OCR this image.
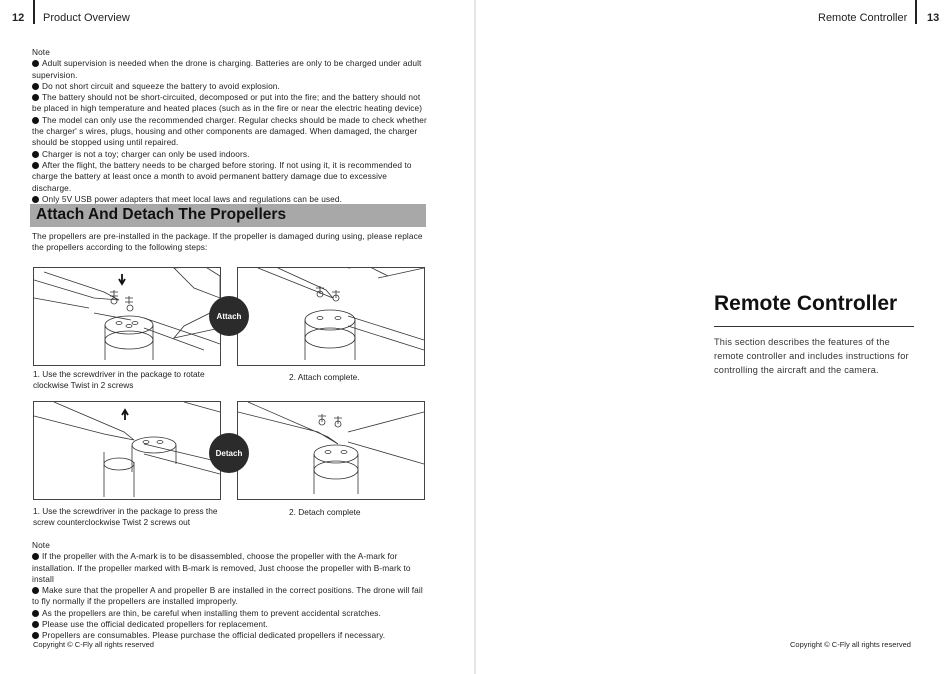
12 Product Overview

Note

Adult supervision is needed when the drone is charging. Batteries are only to be charged under adult supervision.

Do not short circuit and squeeze the battery to avoid explosion.

The battery should not be short-circuited, decomposed or put into the fire; and the battery should not be placed in high temperature and heated places (such as in the fire or near the electric heating device)

The model can only use the recommended charger. Regular checks should be made to check whether the charger' s wires, plugs, housing and other components are damaged. When damaged, the charger should be stopped using until repaired.

Charger is not a toy; charger can only be used indoors.

After the flight, the battery needs to be charged before storing. If not using it, it is recommended to charge the battery at least once a month to avoid permanent battery damage due to excessive discharge.

Only 5V USB power adapters that meet local laws and regulations can be used.

Attach And Detach The Propellers
The propellers are pre-installed in the package. If the propeller is damaged during using, please replace the propellers according to the following steps:
Attach
1. Use the screwdriver in the package to rotate clockwise Twist in 2 screws
2. Attach complete.
Detach
1. Use the screwdriver in the package to press the screw counterclockwise Twist 2 screws out
2. Detach complete

Note

If the propeller with the A-mark is to be disassembled, choose the propeller with the A-mark for installation. If the propeller marked with B-mark is removed, Just choose the propeller with B-mark to install

Make sure that the propeller A and propeller B are installed in the correct positions. The drone will fail to fly normally if the propellers are installed improperly.

As the propellers are thin, be careful when installing them to prevent accidental scratches.

Please use the official dedicated propellers for replacement.

Propellers are consumables. Please purchase the official dedicated propellers if necessary.

Copyright © C-Fly all rights reserved
Remote Controller 13
Remote Controller
This section describes the features of the remote controller and includes instructions for controlling the aircraft and the camera.
Copyright © C-Fly all rights reserved
